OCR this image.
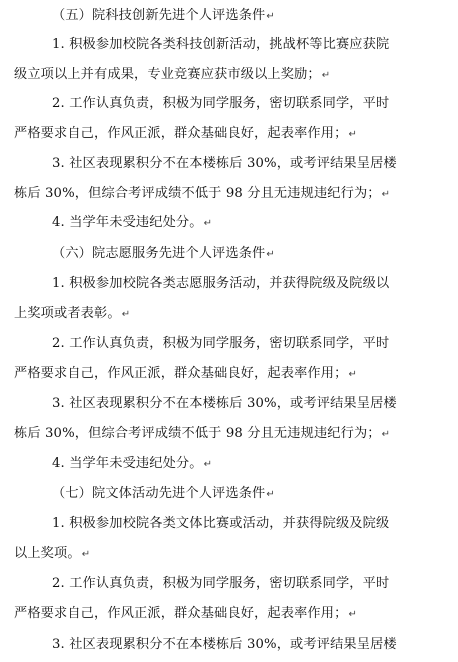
（五）院科技创新先进个人评选条件↵
1. 积极参加校院各类科技创新活动，挑战杯等比赛应获院
级立项以上并有成果，专业竞赛应获市级以上奖励；↵
2. 工作认真负责，积极为同学服务，密切联系同学，平时
严格要求自己，作风正派，群众基础良好，起表率作用；↵
3. 社区表现累积分不在本楼栋后 30%，或考评结果呈居楼
栋后 30%，但综合考评成绩不低于 98 分且无违规违纪行为；↵
4. 当学年未受违纪处分。↵
（六）院志愿服务先进个人评选条件↵
1. 积极参加校院各类志愿服务活动，并获得院级及院级以
上奖项或者表彰。↵
2. 工作认真负责，积极为同学服务，密切联系同学，平时
严格要求自己，作风正派，群众基础良好，起表率作用；↵
3. 社区表现累积分不在本楼栋后 30%，或考评结果呈居楼
栋后 30%，但综合考评成绩不低于 98 分且无违规违纪行为；↵
4. 当学年未受违纪处分。↵
（七）院文体活动先进个人评选条件↵
1. 积极参加校院各类文体比赛或活动，并获得院级及院级
以上奖项。↵
2. 工作认真负责，积极为同学服务，密切联系同学，平时
严格要求自己，作风正派，群众基础良好，起表率作用；↵
3. 社区表现累积分不在本楼栋后 30%，或考评结果呈居楼
